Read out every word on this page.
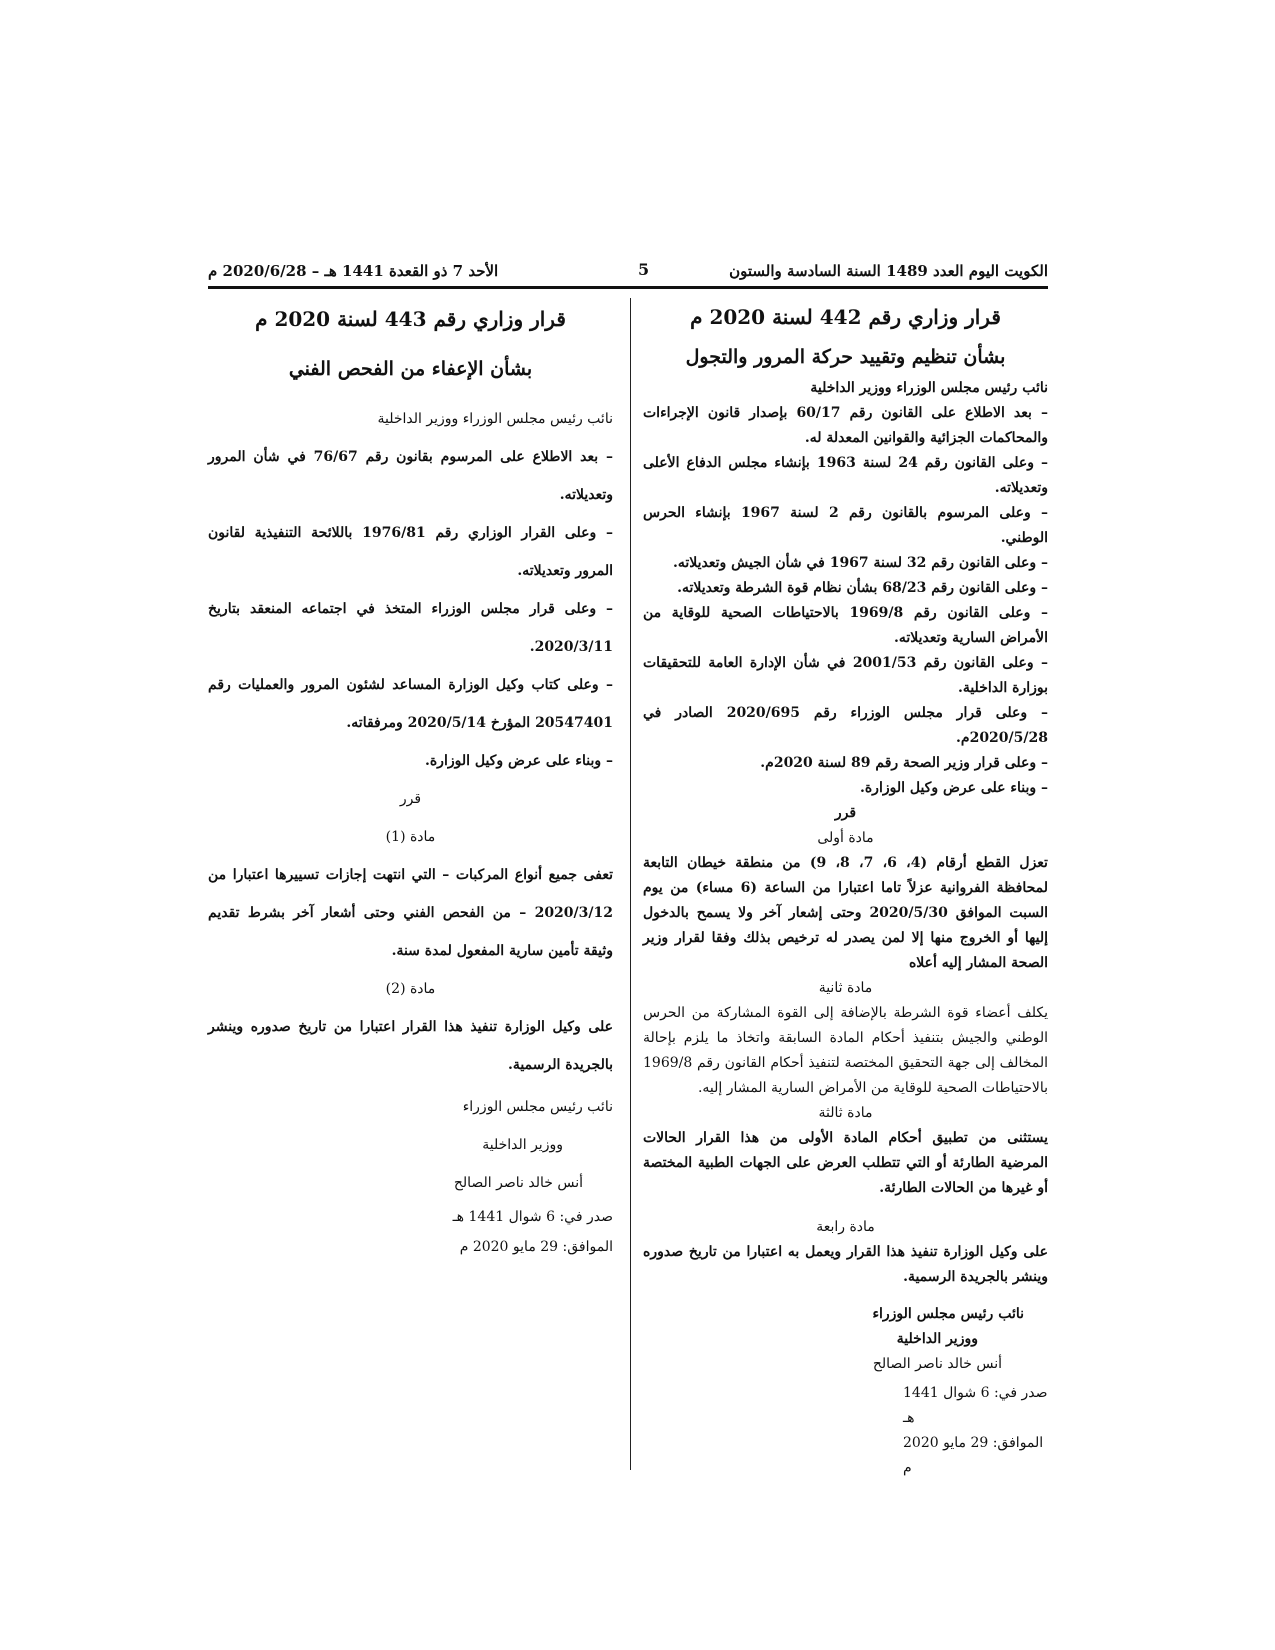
الكويت اليوم العدد 1489 السنة السادسة والستون
5
الأحد 7 ذو القعدة 1441 هـ – 2020/6/28 م
قرار وزاري رقم 442 لسنة 2020 م
بشأن تنظيم وتقييد حركة المرور والتجول

نائب رئيس مجلس الوزراء ووزير الداخلية

– بعد الاطلاع على القانون رقم 60/17 بإصدار قانون الإجراءات والمحاكمات الجزائية والقوانين المعدلة له.

– وعلى القانون رقم 24 لسنة 1963 بإنشاء مجلس الدفاع الأعلى وتعديلاته.

– وعلى المرسوم بالقانون رقم 2 لسنة 1967 بإنشاء الحرس الوطني.

– وعلى القانون رقم 32 لسنة 1967 في شأن الجيش وتعديلاته.

– وعلى القانون رقم 68/23 بشأن نظام قوة الشرطة وتعديلاته.

– وعلى القانون رقم 1969/8 بالاحتياطات الصحية للوقاية من الأمراض السارية وتعديلاته.

– وعلى القانون رقم 2001/53 في شأن الإدارة العامة للتحقيقات بوزارة الداخلية.

– وعلى قرار مجلس الوزراء رقم 2020/695 الصادر في 2020/5/28م.

– وعلى قرار وزير الصحة رقم 89 لسنة 2020م.

– وبناء على عرض وكيل الوزارة.

قرر

مادة أولى

تعزل القطع أرقام (4، 6، 7، 8، 9) من منطقة خيطان التابعة لمحافظة الفروانية عزلاً تاما اعتبارا من الساعة (6 مساء) من يوم السبت الموافق 2020/5/30 وحتى إشعار آخر ولا يسمح بالدخول إليها أو الخروج منها إلا لمن يصدر له ترخيص بذلك وفقا لقرار وزير الصحة المشار إليه أعلاه

مادة ثانية

يكلف أعضاء قوة الشرطة بالإضافة إلى القوة المشاركة من الحرس الوطني والجيش بتنفيذ أحكام المادة السابقة واتخاذ ما يلزم بإحالة المخالف إلى جهة التحقيق المختصة لتنفيذ أحكام القانون رقم 1969/8 بالاحتياطات الصحية للوقاية من الأمراض السارية المشار إليه.

مادة ثالثة

يستثنى من تطبيق أحكام المادة الأولى من هذا القرار الحالات المرضية الطارئة أو التي تتطلب العرض على الجهات الطبية المختصة أو غيرها من الحالات الطارئة.

مادة رابعة

على وكيل الوزارة تنفيذ هذا القرار ويعمل به اعتبارا من تاريخ صدوره وينشر بالجريدة الرسمية.

نائب رئيس مجلس الوزراء

ووزير الداخلية

أنس خالد ناصر الصالح

صدر في: 6 شوال 1441 هـ

الموافق: 29 مايو 2020 م

قرار وزاري رقم 443 لسنة 2020 م
بشأن الإعفاء من الفحص الفني

نائب رئيس مجلس الوزراء ووزير الداخلية

– بعد الاطلاع على المرسوم بقانون رقم 76/67 في شأن المرور وتعديلاته.

– وعلى القرار الوزاري رقم 1976/81 باللائحة التنفيذية لقانون المرور وتعديلاته.

– وعلى قرار مجلس الوزراء المتخذ في اجتماعه المنعقد بتاريخ 2020/3/11.

– وعلى كتاب وكيل الوزارة المساعد لشئون المرور والعمليات رقم 20547401 المؤرخ 2020/5/14 ومرفقاته.

– وبناء على عرض وكيل الوزارة.

قرر

مادة (1)

تعفى جميع أنواع المركبات – التي انتهت إجازات تسييرها اعتبارا من 2020/3/12 – من الفحص الفني وحتى أشعار آخر بشرط تقديم وثيقة تأمين سارية المفعول لمدة سنة.

مادة (2)

على وكيل الوزارة تنفيذ هذا القرار اعتبارا من تاريخ صدوره وينشر بالجريدة الرسمية.

نائب رئيس مجلس الوزراء

ووزير الداخلية

أنس خالد ناصر الصالح

صدر في: 6 شوال 1441 هـ

الموافق: 29 مايو 2020 م
